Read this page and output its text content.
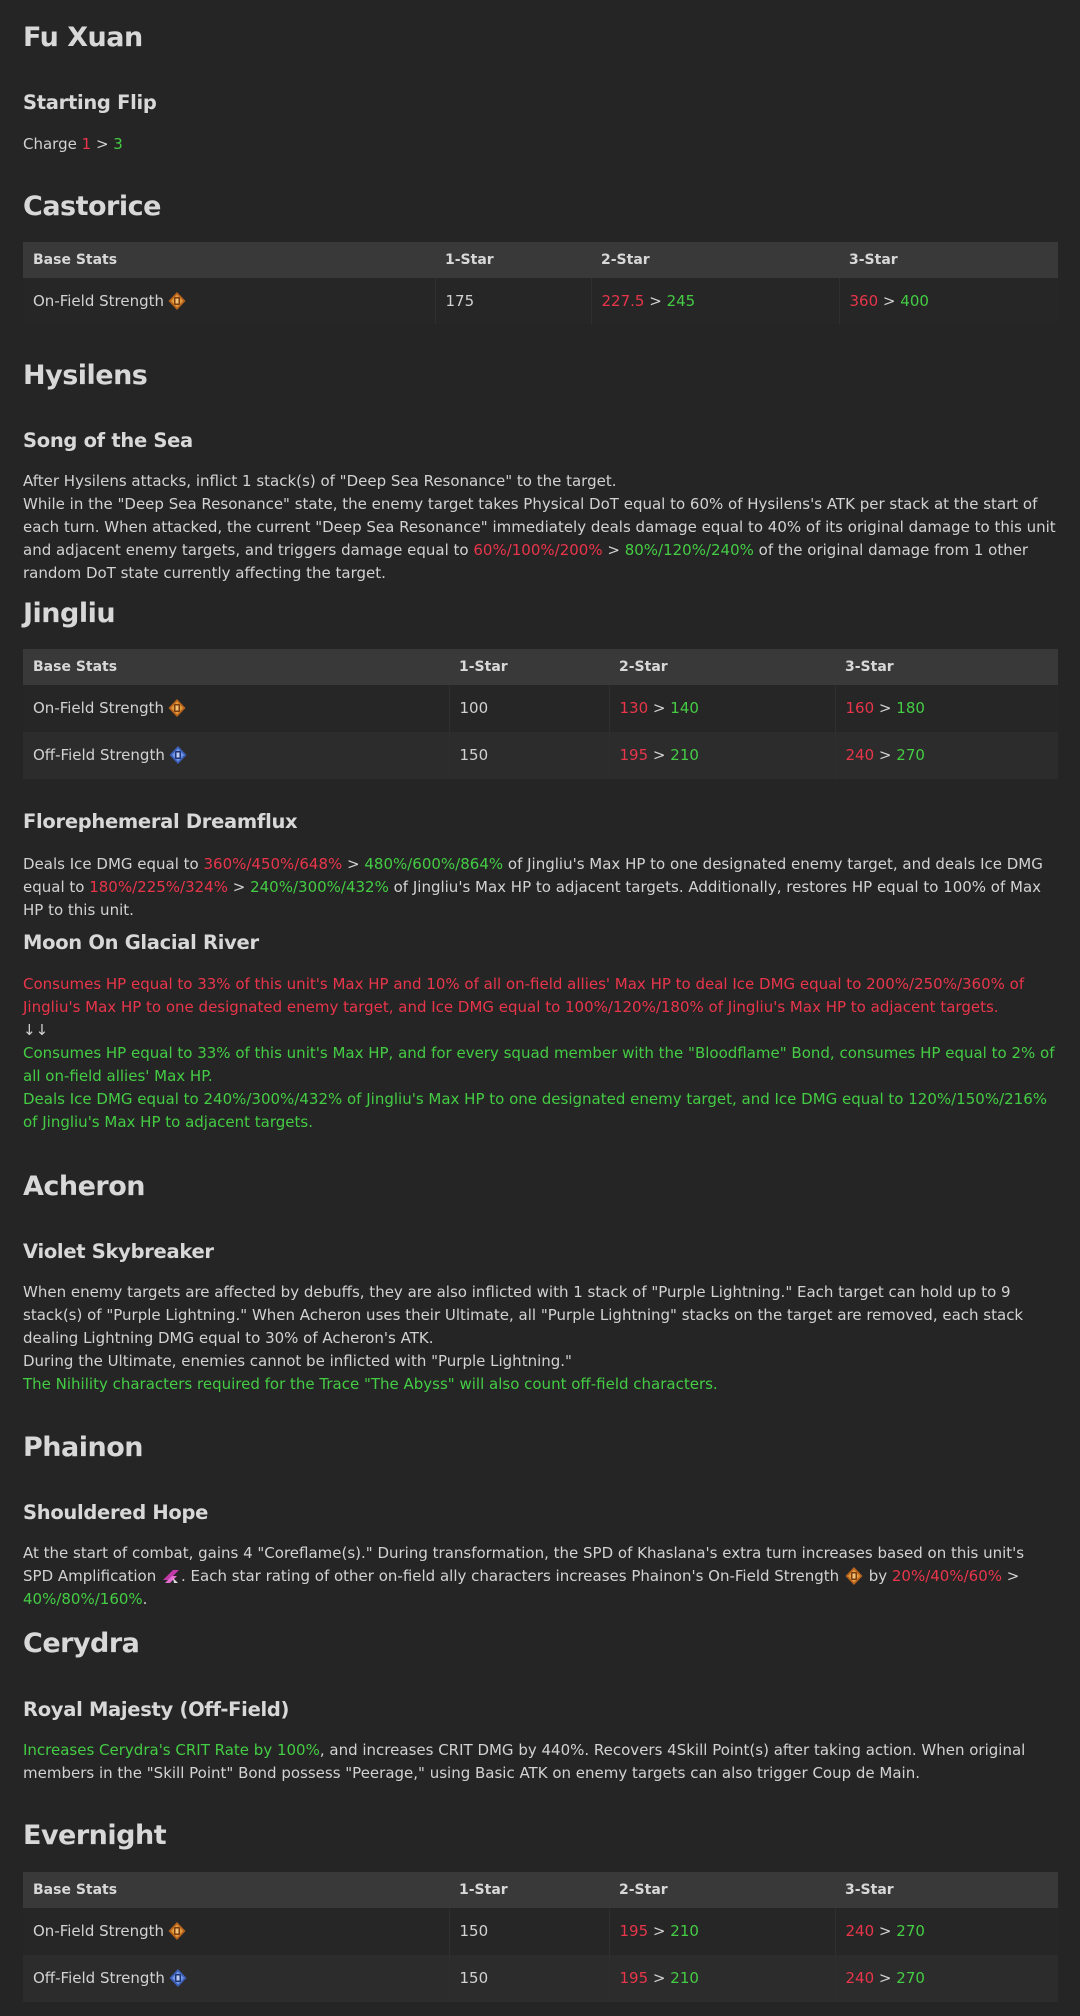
Fu Xuan
Starting Flip

Charge 1 > 3

Castorice
Base Stats	1-Star	2-Star	3-Star
On-Field Strength	175	227.5 > 245	360 > 400
Hysilens
Song of the Sea

After Hysilens attacks, inflict 1 stack(s) of "Deep Sea Resonance" to the target.

While in the "Deep Sea Resonance" state, the enemy target takes Physical DoT equal to 60% of Hysilens's ATK per stack at the start of each turn. When attacked, the current "Deep Sea Resonance" immediately deals damage equal to 40% of its original damage to this unit and adjacent enemy targets, and triggers damage equal to 60%/100%/200% > 80%/120%/240% of the original damage from 1 other random DoT state currently affecting the target.

Jingliu
Base Stats	1-Star	2-Star	3-Star
On-Field Strength	100	130 > 140	160 > 180
Off-Field Strength	150	195 > 210	240 > 270
Florephemeral Dreamflux

Deals Ice DMG equal to 360%/450%/648% > 480%/600%/864% of Jingliu's Max HP to one designated enemy target, and deals Ice DMG equal to 180%/225%/324% > 240%/300%/432% of Jingliu's Max HP to adjacent targets. Additionally, restores HP equal to 100% of Max HP to this unit.

Moon On Glacial River

Consumes HP equal to 33% of this unit's Max HP and 10% of all on-field allies' Max HP to deal Ice DMG equal to 200%/250%/360% of Jingliu's Max HP to one designated enemy target, and Ice DMG equal to 100%/120%/180% of Jingliu's Max HP to adjacent targets.

↓↓

Consumes HP equal to 33% of this unit's Max HP, and for every squad member with the "Bloodflame" Bond, consumes HP equal to 2% of all on-field allies' Max HP.

Deals Ice DMG equal to 240%/300%/432% of Jingliu's Max HP to one designated enemy target, and Ice DMG equal to 120%/150%/216% of Jingliu's Max HP to adjacent targets.

Acheron
Violet Skybreaker

When enemy targets are affected by debuffs, they are also inflicted with 1 stack of "Purple Lightning." Each target can hold up to 9 stack(s) of "Purple Lightning." When Acheron uses their Ultimate, all "Purple Lightning" stacks on the target are removed, each stack dealing Lightning DMG equal to 30% of Acheron's ATK.

During the Ultimate, enemies cannot be inflicted with "Purple Lightning."

The Nihility characters required for the Trace "The Abyss" will also count off-field characters.

Phainon
Shouldered Hope

At the start of combat, gains 4 "Coreflame(s)." During transformation, the SPD of Khaslana's extra turn increases based on this unit's SPD Amplification . Each star rating of other on-field ally characters increases Phainon's On-Field Strength  by 20%/40%/60% > 40%/80%/160%.

Cerydra
Royal Majesty (Off-Field)

Increases Cerydra's CRIT Rate by 100%, and increases CRIT DMG by 440%. Recovers 4Skill Point(s) after taking action. When original members in the "Skill Point" Bond possess "Peerage," using Basic ATK on enemy targets can also trigger Coup de Main.

Evernight
Base Stats	1-Star	2-Star	3-Star
On-Field Strength	150	195 > 210	240 > 270
Off-Field Strength	150	195 > 210	240 > 270
